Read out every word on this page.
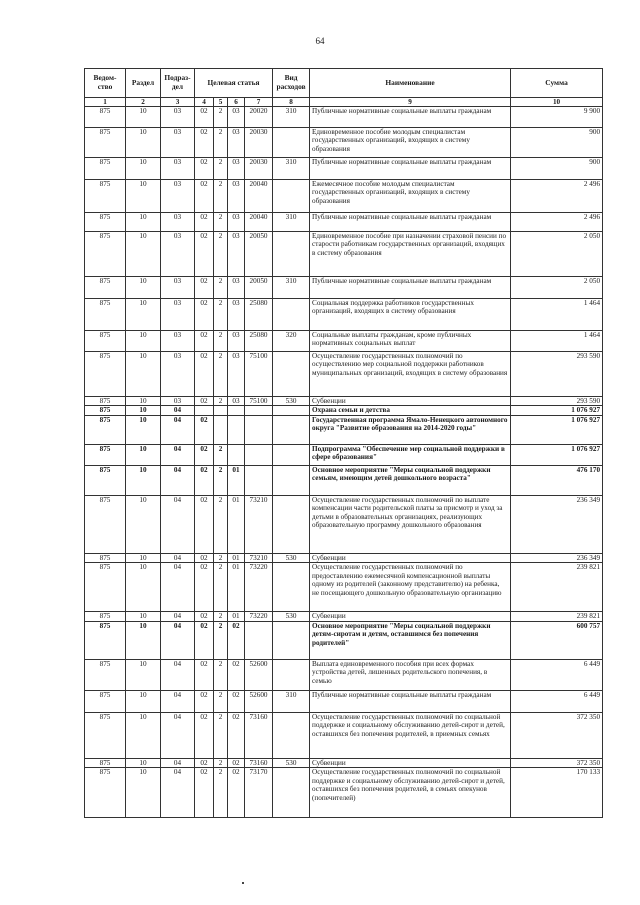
64
Ведом-ство	Раздел	Подраз-дел	Целевая статья				Вид расходов	Наименование	Сумма
1	2	3	4	5	6	7	8	9	10
875	10	03	02	2	03	20020	310	Публичные нормативные социальные выплаты гражданам	9 900
875	10	03	02	2	03	20030		Единовременное пособие молодым специалистам государственных организаций, входящих в систему образования	900
875	10	03	02	2	03	20030	310	Публичные нормативные социальные выплаты гражданам	900
875	10	03	02	2	03	20040		Ежемесячное пособие молодым специалистам государственных организаций, входящих в систему образования	2 496
875	10	03	02	2	03	20040	310	Публичные нормативные социальные выплаты гражданам	2 496
875	10	03	02	2	03	20050		Единовременное пособие при назначении страховой пенсии по старости работникам государственных организаций, входящих в систему образования	2 050
875	10	03	02	2	03	20050	310	Публичные нормативные социальные выплаты гражданам	2 050
875	10	03	02	2	03	25080		Социальная поддержка работников государственных организаций, входящих в систему образования	1 464
875	10	03	02	2	03	25080	320	Социальные выплаты гражданам, кроме публичных нормативных социальных выплат	1 464
875	10	03	02	2	03	75100		Осуществление государственных полномочий по осуществлению мер социальной поддержки работников муниципальных организаций, входящих в систему образования	293 590
875	10	03	02	2	03	75100	530	Субвенции	293 590
875	10	04						Охрана семьи и детства	1 076 927
875	10	04	02					Государственная программа Ямало-Ненецкого автономного округа "Развитие образования на 2014-2020 годы"	1 076 927
875	10	04	02	2				Подпрограмма "Обеспечение мер социальной поддержки в сфере образования"	1 076 927
875	10	04	02	2	01			Основное мероприятие "Меры социальной поддержки семьям, имеющим детей дошкольного возраста"	476 170
875	10	04	02	2	01	73210		Осуществление государственных полномочий по выплате компенсации части родительской платы за присмотр и уход за детьми в образовательных организациях, реализующих образовательную программу дошкольного образования	236 349
875	10	04	02	2	01	73210	530	Субвенции	236 349
875	10	04	02	2	01	73220		Осуществление государственных полномочий по предоставлению ежемесячной компенсационной выплаты одному из родителей (законному представителю) на ребенка, не посещающего дошкольную образовательную организацию	239 821
875	10	04	02	2	01	73220	530	Субвенции	239 821
875	10	04	02	2	02			Основное мероприятие "Меры социальной поддержки детям-сиротам и детям, оставшимся без попечения родителей"	600 757
875	10	04	02	2	02	52600		Выплата единовременного пособия при всех формах устройства детей, лишенных родительского попечения, в семью	6 449
875	10	04	02	2	02	52600	310	Публичные нормативные социальные выплаты гражданам	6 449
875	10	04	02	2	02	73160		Осуществление государственных полномочий по социальной поддержке и социальному обслуживанию детей-сирот и детей, оставшихся без попечения родителей, в приемных семьях	372 350
875	10	04	02	2	02	73160	530	Субвенции	372 350
875	10	04	02	2	02	73170		Осуществление государственных полномочий по социальной поддержке и социальному обслуживанию детей-сирот и детей, оставшихся без попечения родителей, в семьях опекунов (попечителей)	170 133
